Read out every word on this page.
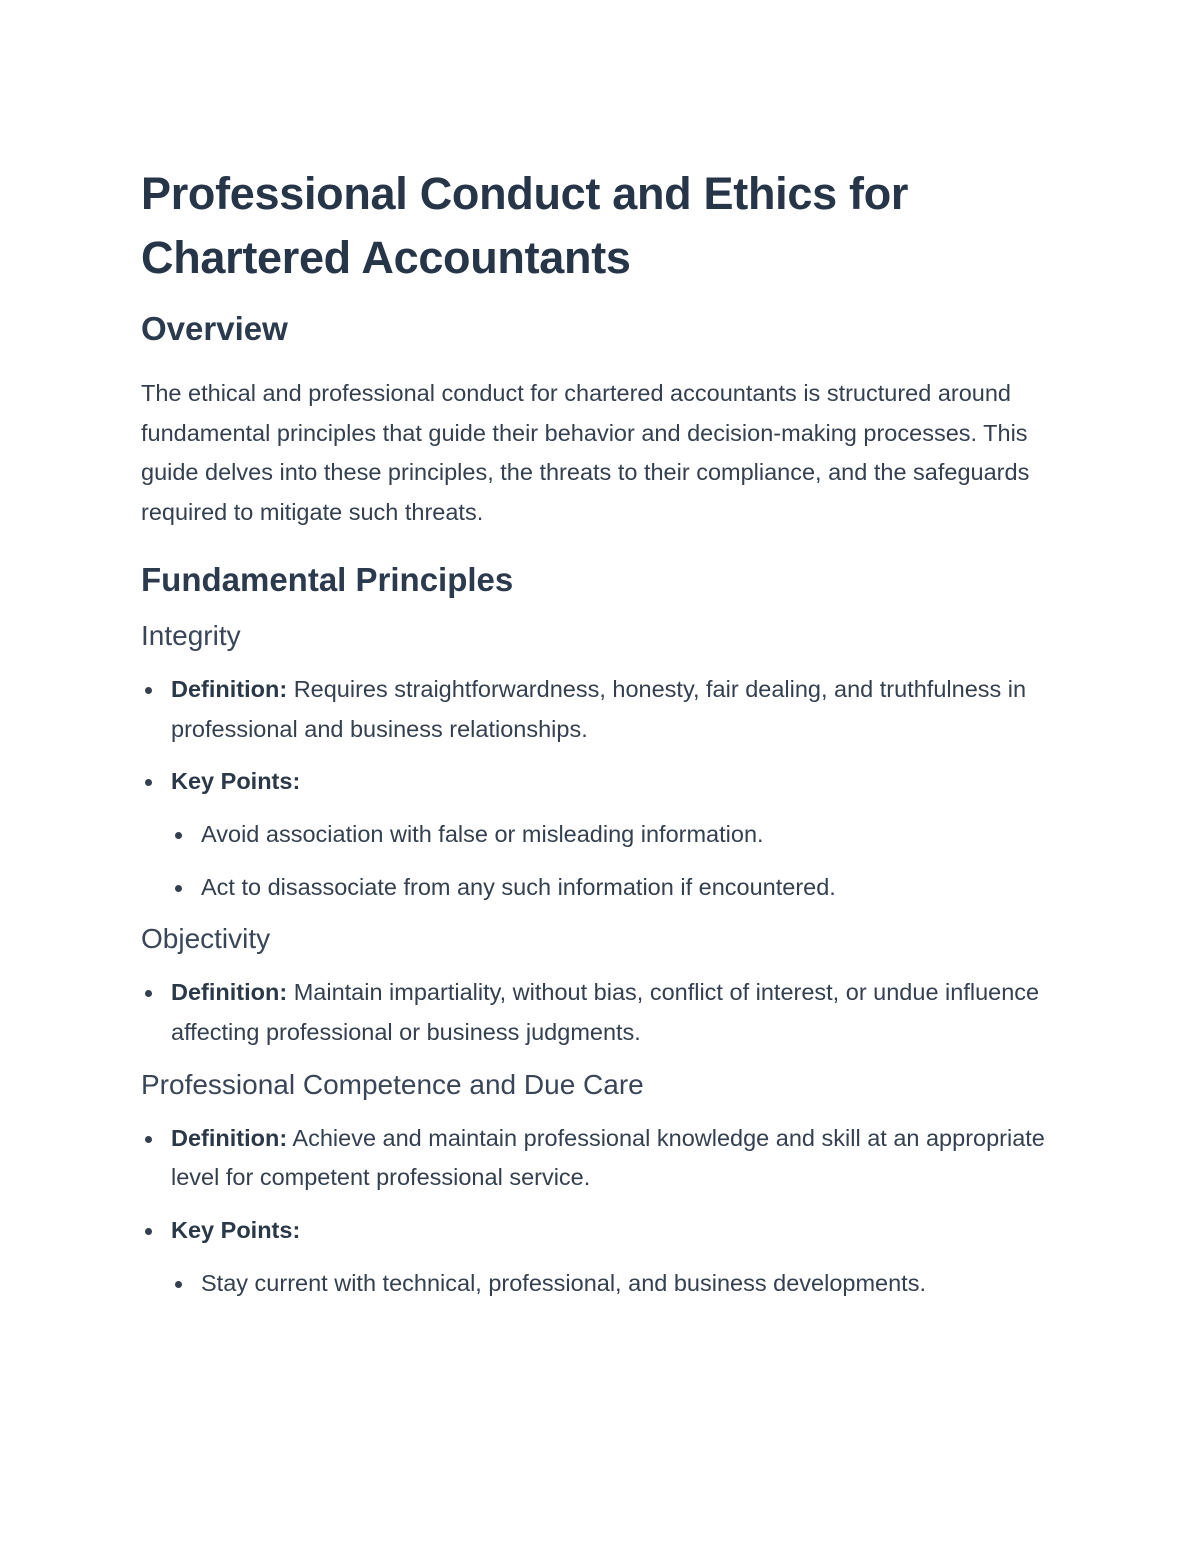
Professional Conduct and Ethics for Chartered Accountants
Overview

The ethical and professional conduct for chartered accountants is structured around fundamental principles that guide their behavior and decision-making processes. This guide delves into these principles, the threats to their compliance, and the safeguards required to mitigate such threats.

Fundamental Principles
Integrity
Definition: Requires straightforwardness, honesty, fair dealing, and truthfulness in professional and business relationships.
Key Points:
Avoid association with false or misleading information.
Act to disassociate from any such information if encountered.
Objectivity
Definition: Maintain impartiality, without bias, conflict of interest, or undue influence affecting professional or business judgments.
Professional Competence and Due Care
Definition: Achieve and maintain professional knowledge and skill at an appropriate level for competent professional service.
Key Points:
Stay current with technical, professional, and business developments.
